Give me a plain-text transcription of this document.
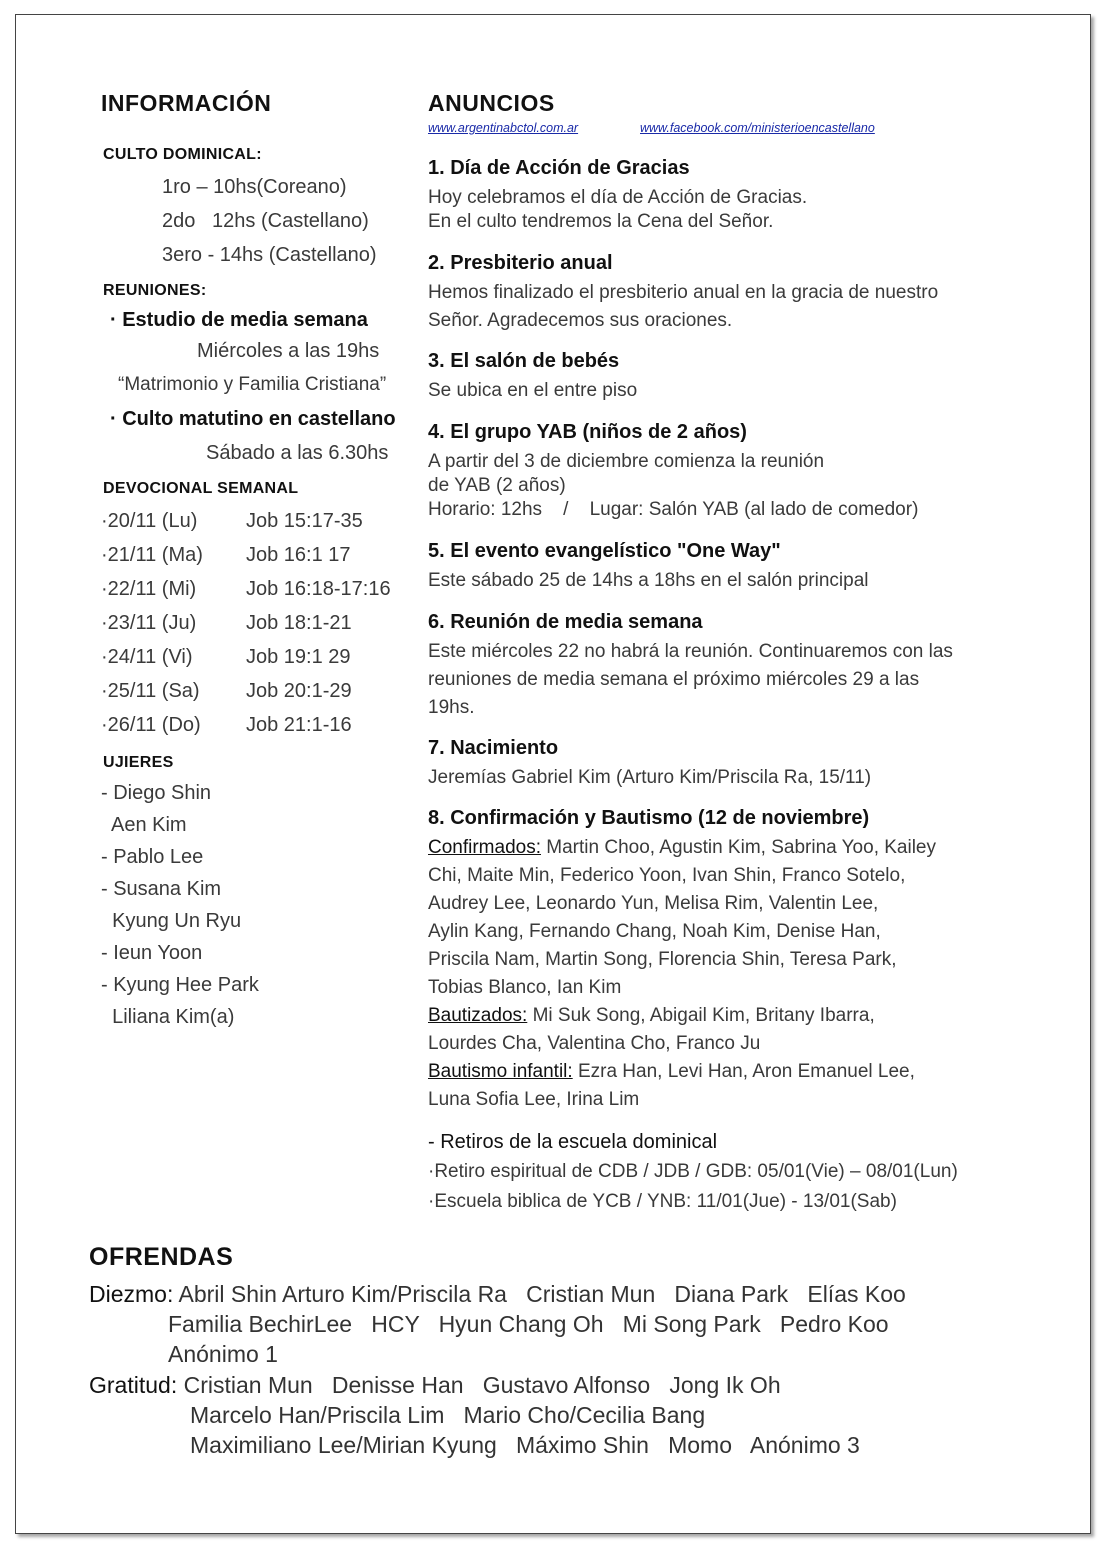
INFORMACIÓN
CULTO DOMINICAL:
1ro – 10hs(Coreano)
2do   12hs (Castellano)
3ero - 14hs (Castellano)
REUNIONES:
· Estudio de media semana
Miércoles a las 19hs
“Matrimonio y Familia Cristiana”
· Culto matutino en castellano
Sábado a las 6.30hs
DEVOCIONAL SEMANAL
·20/11 (Lu) Job 15:17-35
·21/11 (Ma) Job 16:1 17
·22/11 (Mi) Job 16:18-17:16
·23/11 (Ju) Job 18:1-21
·24/11 (Vi)	Job 19:1 29
·25/11 (Sa) Job 20:1-29
·26/11 (Do) Job 21:1-16
UJIERES
- Diego Shin
Aen Kim
- Pablo Lee
- Susana Kim
Kyung Un Ryu
- Ieun Yoon
- Kyung Hee Park
Liliana Kim(a)
ANUNCIOS
www.argentinabctol.com.ar	www.facebook.com/ministerioencastellano
1. Día de Acción de Gracias
Hoy celebramos el día de Acción de Gracias.
En el culto tendremos la Cena del Señor.
2. Presbiterio anual
Hemos finalizado el presbiterio anual en la gracia de nuestro
Señor. Agradecemos sus oraciones.
3. El salón de bebés
Se ubica en el entre piso
4. El grupo YAB (niños de 2 años)
A partir del 3 de diciembre comienza la reunión
de YAB (2 años)
Horario: 12hs    /    Lugar: Salón YAB (al lado de comedor)
5. El evento evangelístico "One Way"
Este sábado 25 de 14hs a 18hs en el salón principal
6. Reunión de media semana
Este miércoles 22 no habrá la reunión. Continuaremos con las
reuniones de media semana el próximo miércoles 29 a las
19hs.
7. Nacimiento
Jeremías Gabriel Kim (Arturo Kim/Priscila Ra, 15/11)
8. Confirmación y Bautismo (12 de noviembre)
Confirmados: Martin Choo, Agustin Kim, Sabrina Yoo, Kailey
Chi, Maite Min, Federico Yoon, Ivan Shin, Franco Sotelo,
Audrey Lee, Leonardo Yun, Melisa Rim, Valentin Lee,
Aylin Kang, Fernando Chang, Noah Kim, Denise Han,
Priscila Nam, Martin Song, Florencia Shin, Teresa Park,
Tobias Blanco, Ian Kim
Bautizados: Mi Suk Song, Abigail Kim, Britany Ibarra,
Lourdes Cha, Valentina Cho, Franco Ju
Bautismo infantil: Ezra Han, Levi Han, Aron Emanuel Lee,
Luna Sofia Lee, Irina Lim
- Retiros de la escuela dominical
·Retiro espiritual de CDB / JDB / GDB: 05/01(Vie) – 08/01(Lun)
·Escuela biblica de YCB / YNB: 11/01(Jue) - 13/01(Sab)
OFRENDAS
Diezmo: Abril Shin Arturo Kim/Priscila Ra   Cristian Mun   Diana Park   Elías Koo
Familia BechirLee   HCY   Hyun Chang Oh   Mi Song Park   Pedro Koo
Anónimo 1
Gratitud: Cristian Mun   Denisse Han   Gustavo Alfonso   Jong Ik Oh
Marcelo Han/Priscila Lim   Mario Cho/Cecilia Bang
Maximiliano Lee/Mirian Kyung   Máximo Shin   Momo   Anónimo 3
